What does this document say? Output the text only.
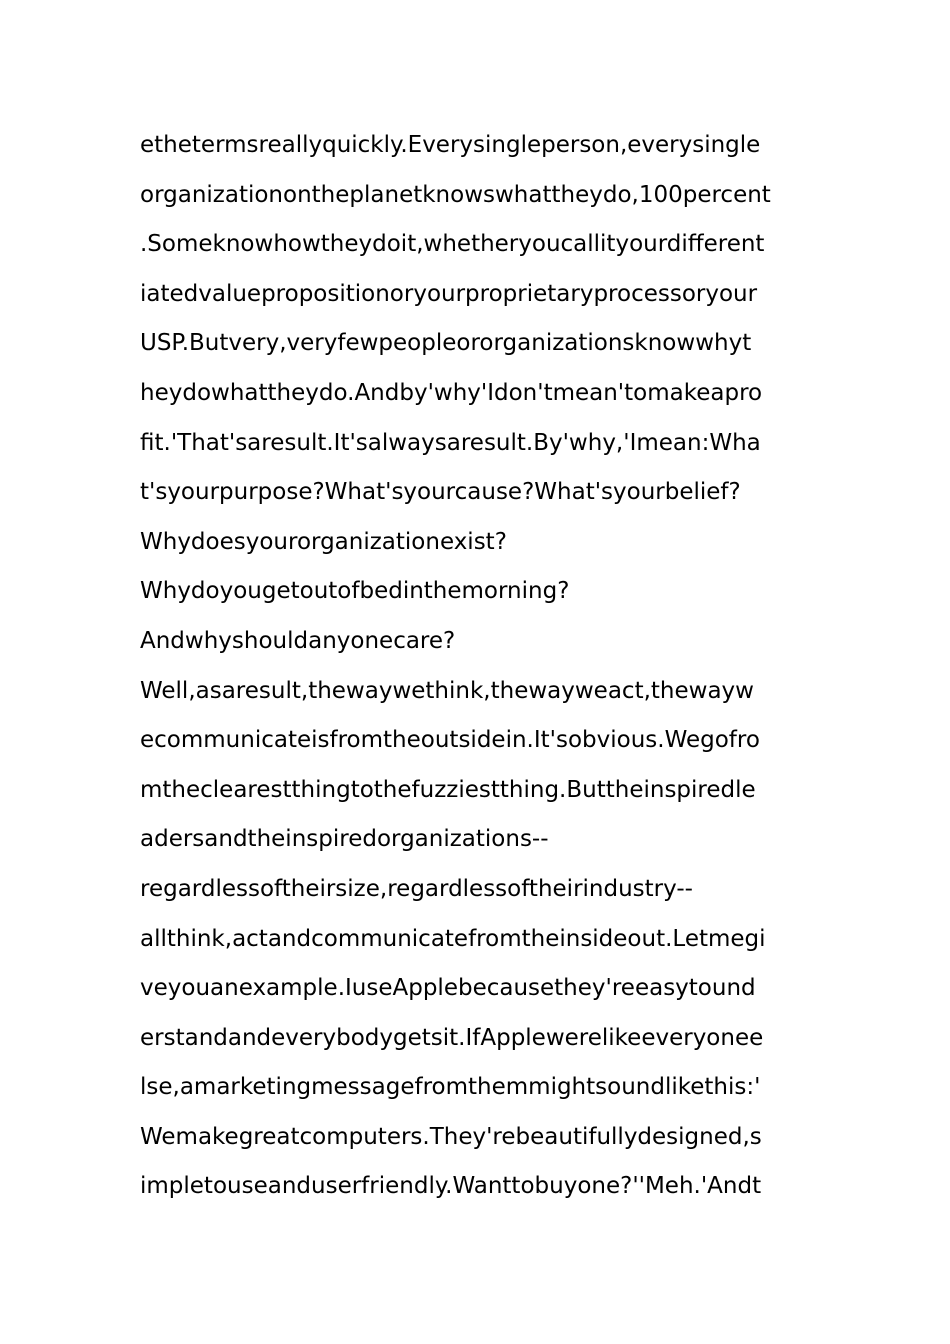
ethetermsreallyquickly.Everysingleperson,everysingle
organizationontheplanetknowswhattheydo,100percent
.Someknowhowtheydoit,whetheryoucallityourdifferent
iatedvaluepropositionoryourproprietaryprocessoryour
USP.Butvery,veryfewpeopleororganizationsknowwhyt
heydowhattheydo.Andby'why'Idon'tmean'tomakeapro
fit.'That'saresult.It'salwaysaresult.By'why,'Imean:Wha
t'syourpurpose?What'syourcause?What'syourbelief?
Whydoesyourorganizationexist?
Whydoyougetoutofbedinthemorning?
Andwhyshouldanyonecare?
Well,asaresult,thewaywethink,thewayweact,thewayw
ecommunicateisfromtheoutsidein.It'sobvious.Wegofro
mtheclearestthingtothefuzziestthing.Buttheinspiredle
adersandtheinspiredorganizations--
regardlessoftheirsize,regardlessoftheirindustry--
allthink,actandcommunicatefromtheinsideout.Letmegi
veyouanexample.IuseApplebecausethey'reeasytound
erstandandeverybodygetsit.IfApplewerelikeeveryonee
lse,amarketingmessagefromthemmightsoundlikethis:'
Wemakegreatcomputers.They'rebeautifullydesigned,s
impletouseanduserfriendly.Wanttobuyone?''Meh.'Andt
